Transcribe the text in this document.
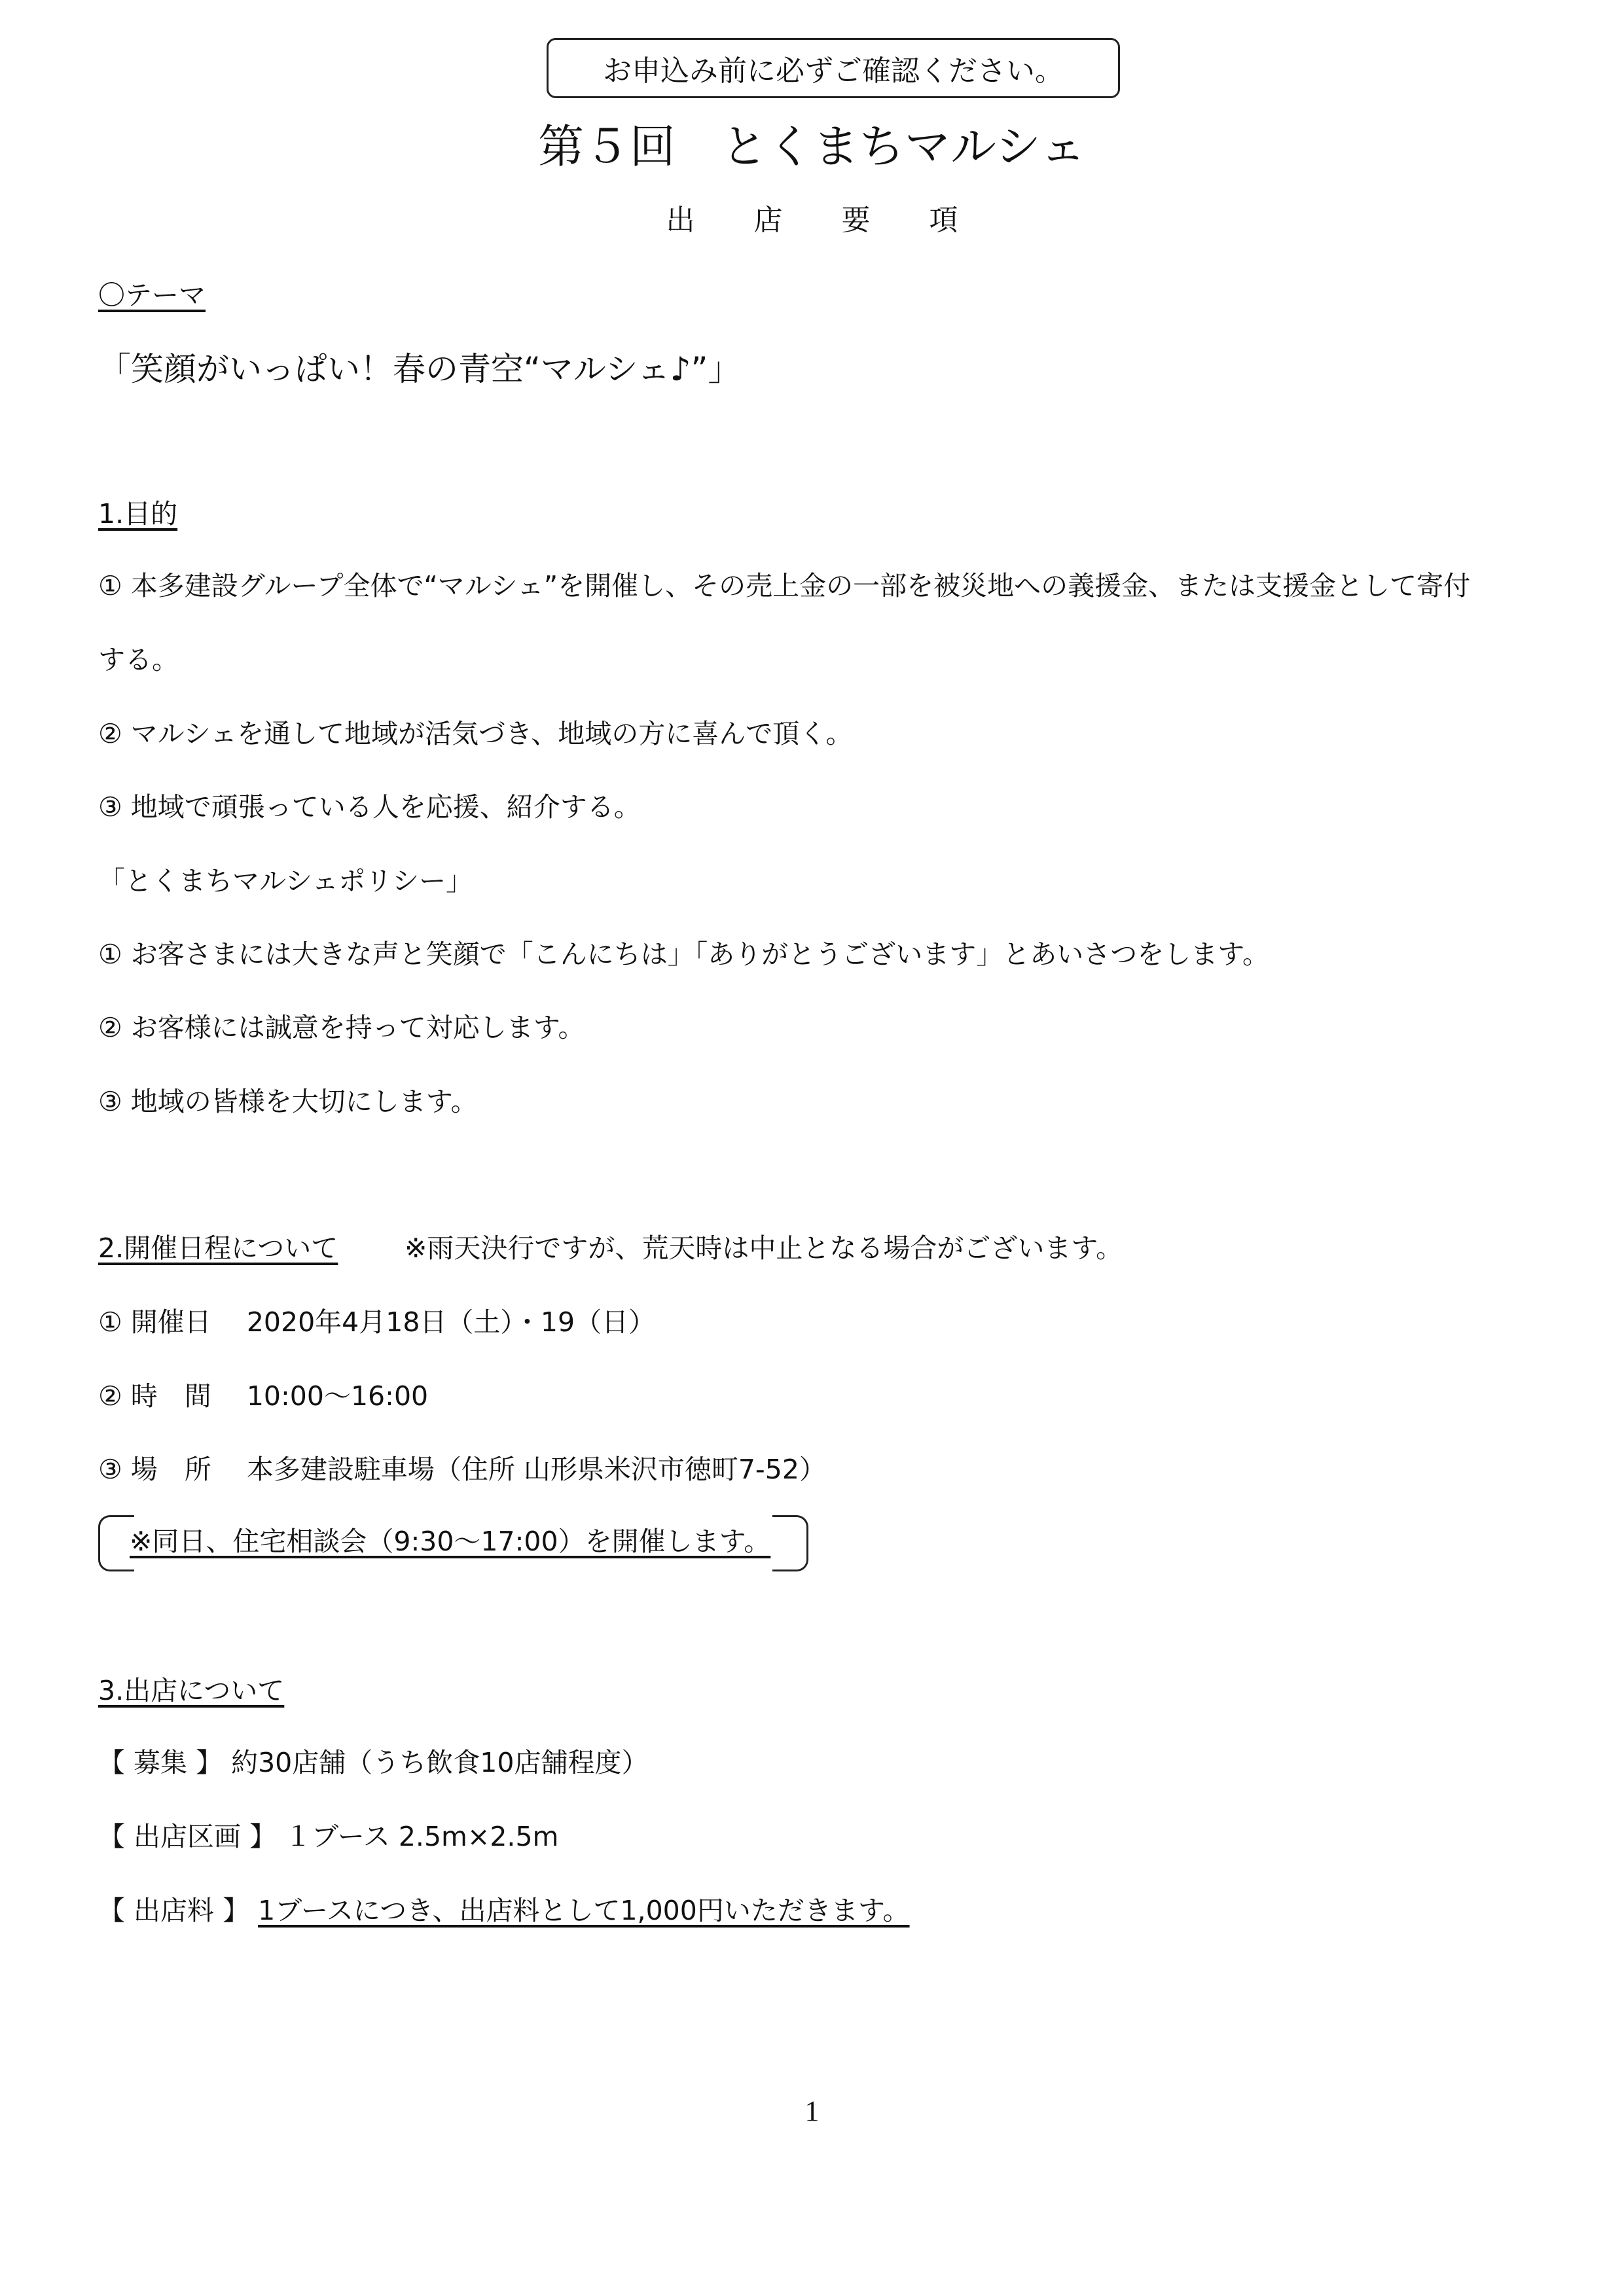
お申込み前に必ずご確認ください。
第５回　とくまちマルシェ
出 店 要 項
〇テーマ
「笑顔がいっぱい！春の青空“マルシェ♪”」
1.目的
① 本多建設グループ全体で“マルシェ”を開催し、その売上金の一部を被災地への義援金、または支援金として寄付
する。
② マルシェを通して地域が活気づき、地域の方に喜んで頂く。
③ 地域で頑張っている人を応援、紹介する。
「とくまちマルシェポリシー」
① お客さまには大きな声と笑顔で「こんにちは」「ありがとうございます」とあいさつをします。
② お客様には誠意を持って対応します。
③ 地域の皆様を大切にします。
2.開催日程について ※雨天決行ですが、荒天時は中止となる場合がございます。
① 開催日　 2020年4月18日（土）・19（日）
② 時　間　 10:00～16:00
③ 場　所　 本多建設駐車場（住所 山形県米沢市徳町7-52）
※同日、住宅相談会（9:30～17:00）を開催します。
3.出店について
【 募集 】 約30店舗（うち飲食10店舗程度）
【 出店区画 】 １ブース 2.5m×2.5m
【 出店料 】 1ブースにつき、出店料として1,000円いただきます。
1
